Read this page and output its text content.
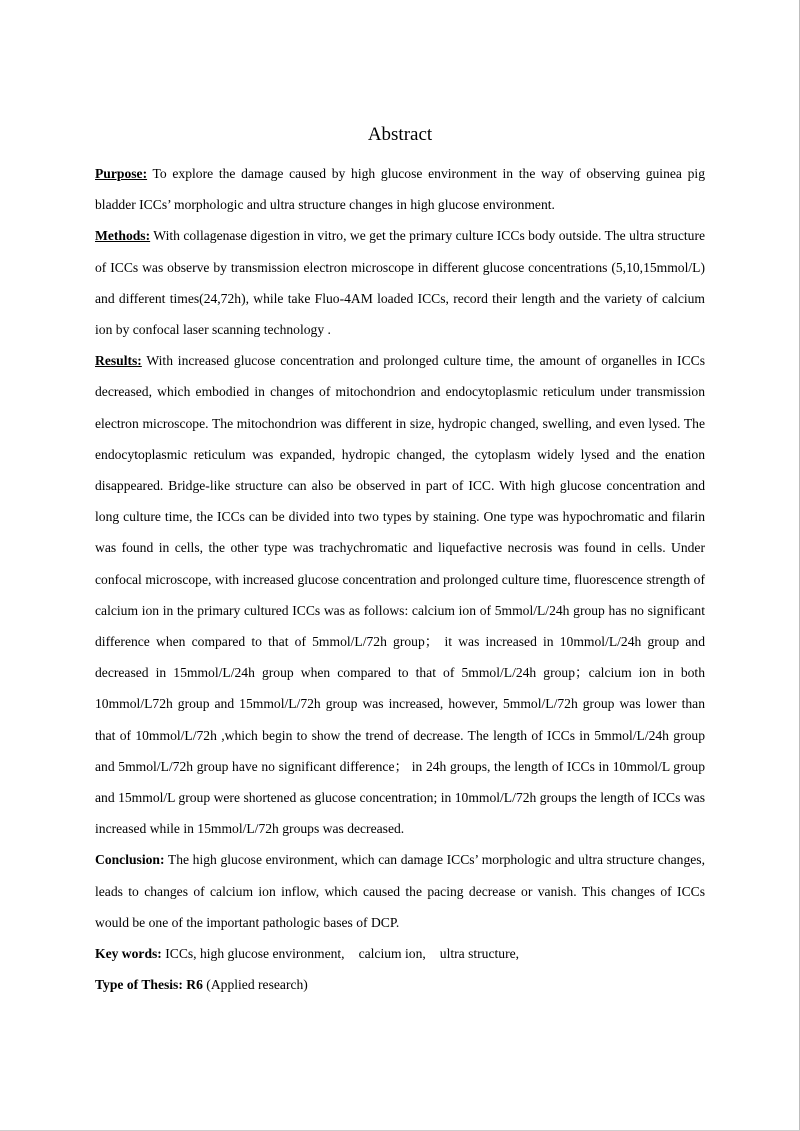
Abstract

Purpose: To explore the damage caused by high glucose environment in the way of observing guinea pig bladder ICCs’ morphologic and ultra structure changes in high glucose environment.

Methods: With collagenase digestion in vitro, we get the primary culture ICCs body outside. The ultra structure of ICCs was observe by transmission electron microscope in different glucose concentrations (5,10,15mmol/L) and different times(24,72h), while take Fluo-4AM loaded ICCs, record their length and the variety of calcium ion by confocal laser scanning technology .

Results: With increased glucose concentration and prolonged culture time, the amount of organelles in ICCs decreased, which embodied in changes of mitochondrion and endocytoplasmic reticulum under transmission electron microscope. The mitochondrion was different in size, hydropic changed, swelling, and even lysed. The endocytoplasmic reticulum was expanded, hydropic changed, the cytoplasm widely lysed and the enation disappeared. Bridge-like structure can also be observed in part of ICC. With high glucose concentration and long culture time, the ICCs can be divided into two types by staining. One type was hypochromatic and filarin was found in cells, the other type was trachychromatic and liquefactive necrosis was found in cells. Under confocal microscope, with increased glucose concentration and prolonged culture time, fluorescence strength of calcium ion in the primary cultured ICCs was as follows: calcium ion of 5mmol/L/24h group has no significant difference when compared to that of 5mmol/L/72h group； it was increased in 10mmol/L/24h group and decreased in 15mmol/L/24h group when compared to that of 5mmol/L/24h group；calcium ion in both 10mmol/L72h group and 15mmol/L/72h group was increased, however, 5mmol/L/72h group was lower than that of 10mmol/L/72h ,which begin to show the trend of decrease. The length of ICCs in 5mmol/L/24h group and 5mmol/L/72h group have no significant difference； in 24h groups, the length of ICCs in 10mmol/L group and 15mmol/L group were shortened as glucose concentration; in 10mmol/L/72h groups the length of ICCs was increased while in 15mmol/L/72h groups was decreased.

Conclusion: The high glucose environment, which can damage ICCs’ morphologic and ultra structure changes, leads to changes of calcium ion inflow, which caused the pacing decrease or vanish. This changes of ICCs would be one of the important pathologic bases of DCP.

Key words: ICCs, high glucose environment, calcium ion, ultra structure,

Type of Thesis: R6 (Applied research)
